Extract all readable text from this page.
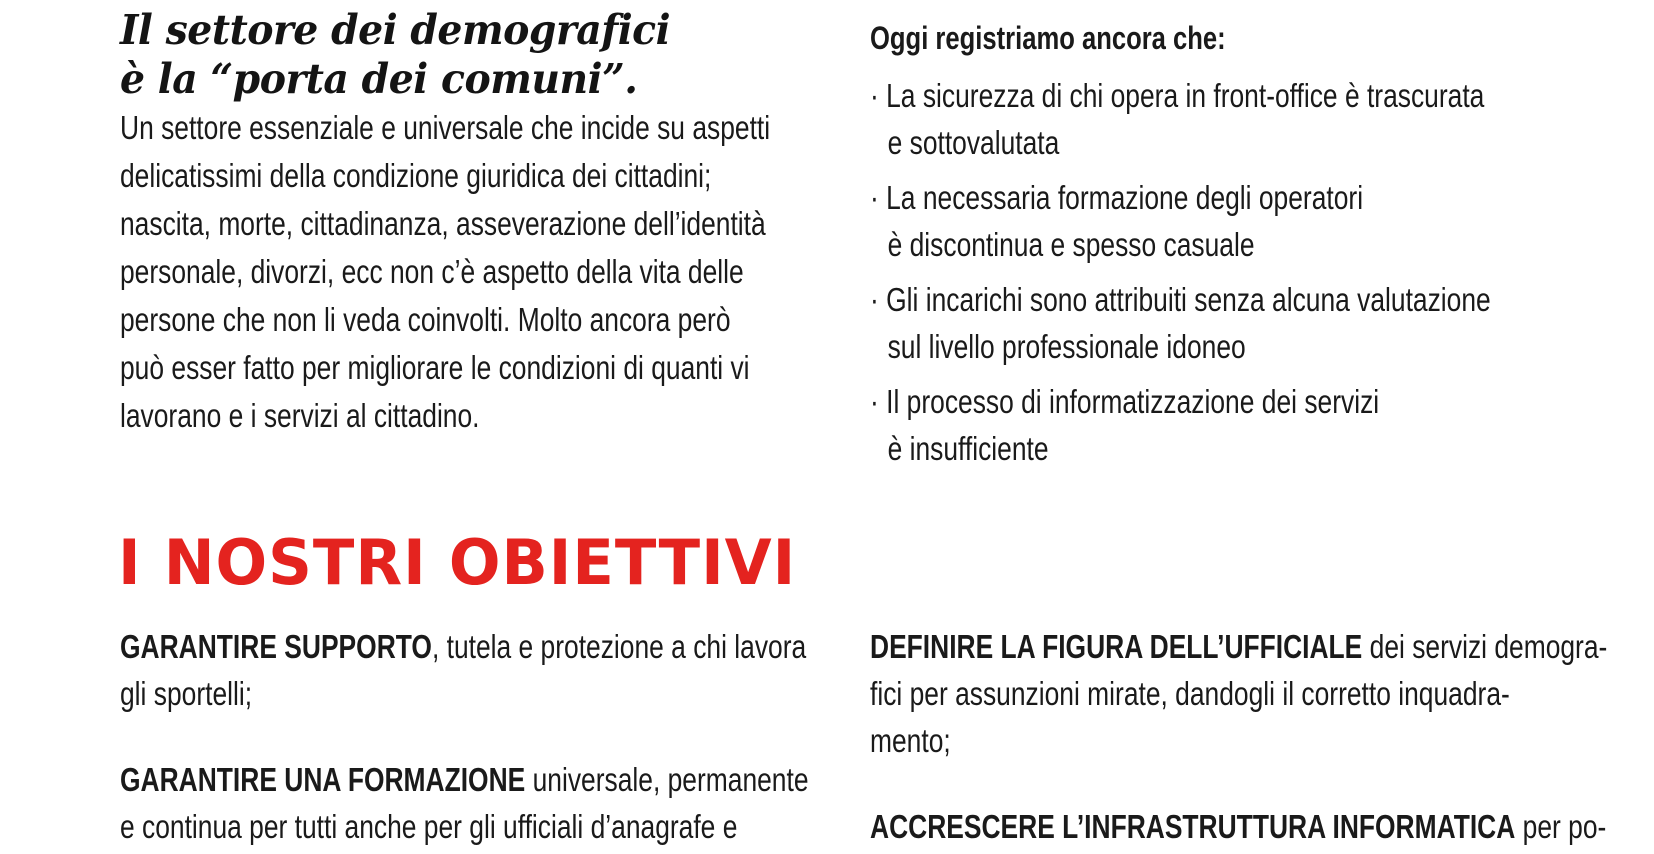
Il settore dei demografici
è la “porta dei comuni”.
Un settore essenziale e universale che incide su aspetti
delicatissimi della condizione giuridica dei cittadini;
nascita, morte, cittadinanza, asseverazione dell’identità
personale, divorzi, ecc non c’è aspetto della vita delle
persone che non li veda coinvolti. Molto ancora però
può esser fatto per migliorare le condizioni di quanti vi
lavorano e i servizi al cittadino.
Oggi registriamo ancora che:
· La sicurezza di chi opera in front-office è trascurata
e sottovalutata
· La necessaria formazione degli operatori
è discontinua e spesso casuale
· Gli incarichi sono attribuiti senza alcuna valutazione
sul livello professionale idoneo
· Il processo di informatizzazione dei servizi
è insufficiente
I NOSTRI OBIETTIVI
GARANTIRE SUPPORTO, tutela e protezione a chi lavora
gli sportelli;
GARANTIRE UNA FORMAZIONE universale, permanente
e continua per tutti anche per gli ufficiali d’anagrafe e
DEFINIRE LA FIGURA DELL’UFFICIALE dei servizi demogra-
fici per assunzioni mirate, dandogli il corretto inquadra-
mento;
ACCRESCERE L’INFRASTRUTTURA INFORMATICA per po-
